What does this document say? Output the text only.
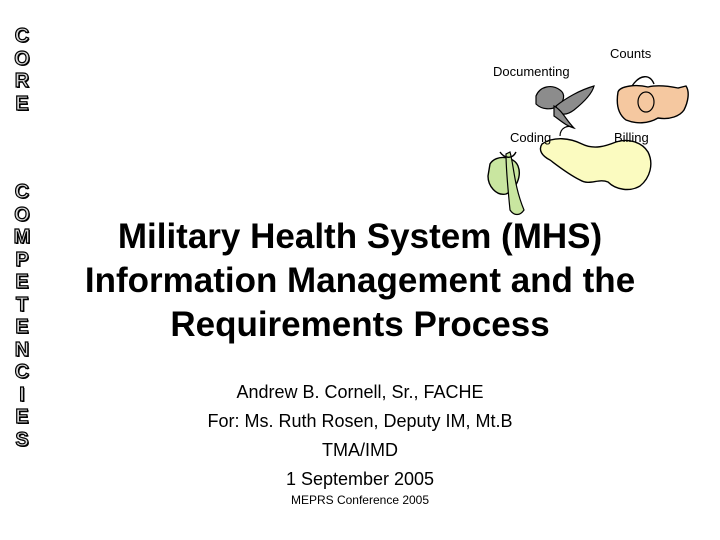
C
O
R
E
C
O
M
P
E
T
E
N
C
I
E
S
Documenting
Counts
Coding	Billing
Military Health System (MHS)
Information Management and the
Requirements Process
Andrew B. Cornell, Sr., FACHE
For: Ms. Ruth Rosen, Deputy IM, Mt.B
TMA/IMD
1 September 2005
MEPRS Conference 2005
